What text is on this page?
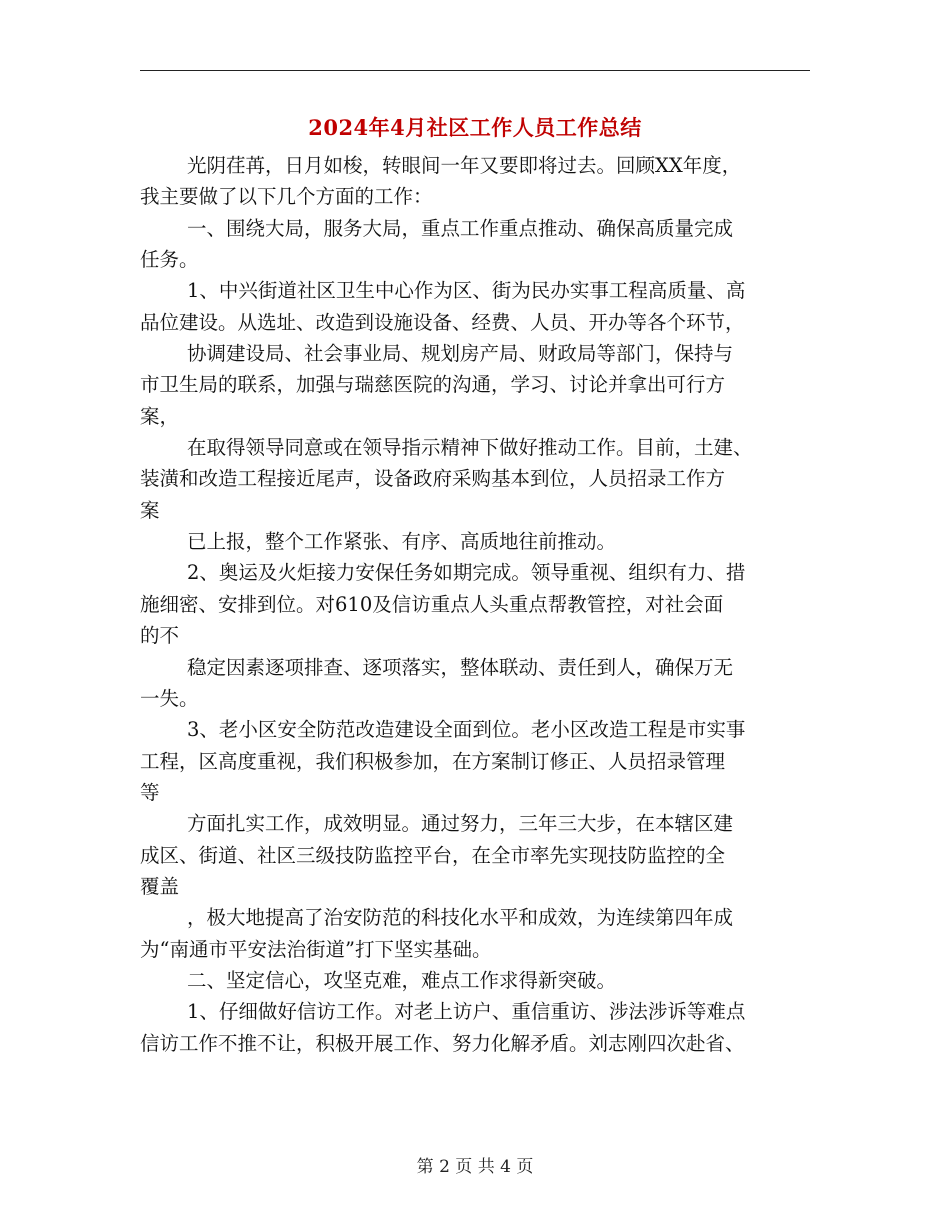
2024年4月社区工作人员工作总结
光阴荏苒，日月如梭，转眼间一年又要即将过去。回顾XX年度，
我主要做了以下几个方面的工作：
一、围绕大局，服务大局，重点工作重点推动、确保高质量完成
任务。
1、中兴街道社区卫生中心作为区、街为民办实事工程高质量、高
品位建设。从选址、改造到设施设备、经费、人员、开办等各个环节，
协调建设局、社会事业局、规划房产局、财政局等部门，保持与
市卫生局的联系，加强与瑞慈医院的沟通，学习、讨论并拿出可行方
案，
在取得领导同意或在领导指示精神下做好推动工作。目前，土建、
装潢和改造工程接近尾声，设备政府采购基本到位，人员招录工作方
案
已上报，整个工作紧张、有序、高质地往前推动。
2、奥运及火炬接力安保任务如期完成。领导重视、组织有力、措
施细密、安排到位。对610及信访重点人头重点帮教管控，对社会面
的不
稳定因素逐项排查、逐项落实，整体联动、责任到人，确保万无
一失。
3、老小区安全防范改造建设全面到位。老小区改造工程是市实事
工程，区高度重视，我们积极参加，在方案制订修正、人员招录管理
等
方面扎实工作，成效明显。通过努力，三年三大步，在本辖区建
成区、街道、社区三级技防监控平台，在全市率先实现技防监控的全
覆盖
，极大地提高了治安防范的科技化水平和成效，为连续第四年成
为“南通市平安法治街道”打下坚实基础。
二、坚定信心，攻坚克难，难点工作求得新突破。
1、仔细做好信访工作。对老上访户、重信重访、涉法涉诉等难点
信访工作不推不让，积极开展工作、努力化解矛盾。刘志刚四次赴省、
第 2 页 共 4 页
